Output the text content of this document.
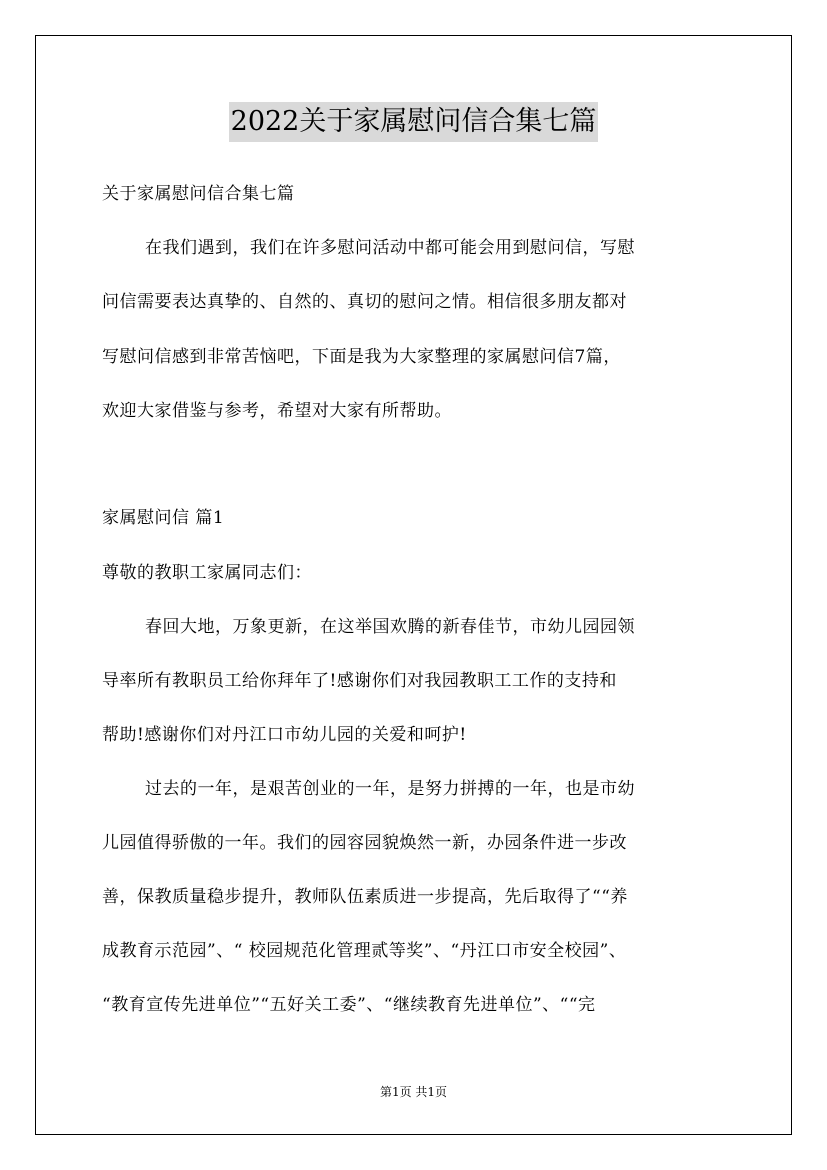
2022关于家属慰问信合集七篇
关于家属慰问信合集七篇
在我们遇到，我们在许多慰问活动中都可能会用到慰问信，写慰
问信需要表达真挚的、自然的、真切的慰问之情。相信很多朋友都对
写慰问信感到非常苦恼吧，下面是我为大家整理的家属慰问信7篇，
欢迎大家借鉴与参考，希望对大家有所帮助。
家属慰问信 篇1
尊敬的教职工家属同志们：
春回大地，万象更新，在这举国欢腾的新春佳节，市幼儿园园领
导率所有教职员工给你拜年了!感谢你们对我园教职工工作的支持和
帮助!感谢你们对丹江口市幼儿园的关爱和呵护!
过去的一年，是艰苦创业的一年，是努力拼搏的一年，也是市幼
儿园值得骄傲的一年。我们的园容园貌焕然一新，办园条件进一步改
善，保教质量稳步提升，教师队伍素质进一步提高，先后取得了““养
成教育示范园”、“ 校园规范化管理贰等奖”、“丹江口市安全校园”、
“教育宣传先进单位”“五好关工委”、“继续教育先进单位”、““完
第1页 共1页
